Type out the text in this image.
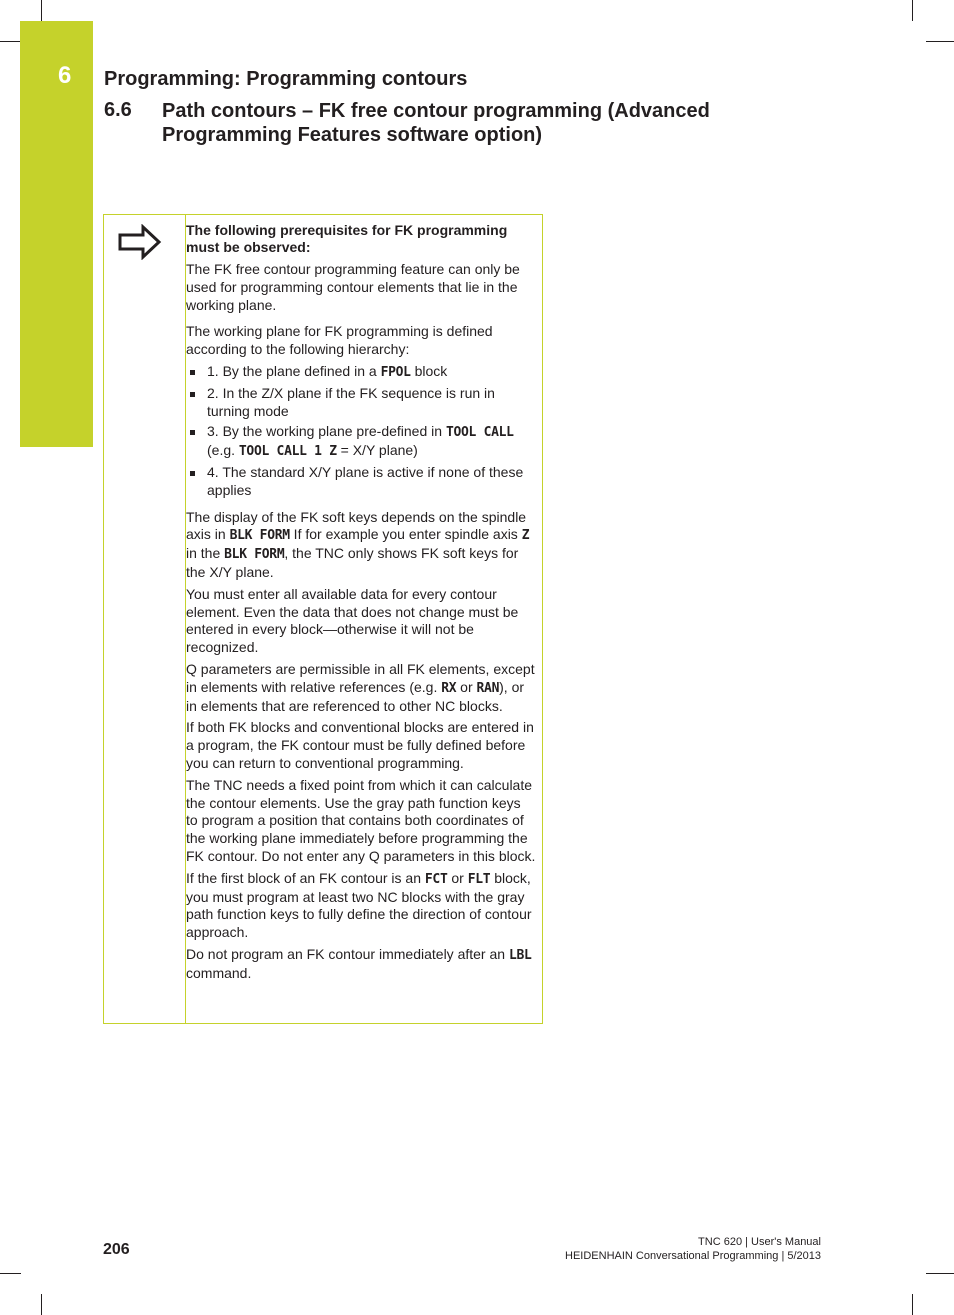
6 Programming: Programming contours
6.6 Path contours – FK free contour programming (Advanced Programming Features software option)

The following prerequisites for FK programming must be observed:

The FK free contour programming feature can only be used for programming contour elements that lie in the working plane.

The working plane for FK programming is defined according to the following hierarchy:

1. By the plane defined in a FPOL block
2. In the Z/X plane if the FK sequence is run in turning mode
3. By the working plane pre-defined in TOOL CALL (e.g. TOOL CALL 1 Z = X/Y plane)
4. The standard X/Y plane is active if none of these applies

The display of the FK soft keys depends on the spindle axis in BLK FORM If for example you enter spindle axis Z in the BLK FORM, the TNC only shows FK soft keys for the X/Y plane.

You must enter all available data for every contour element. Even the data that does not change must be entered in every block—otherwise it will not be recognized.

Q parameters are permissible in all FK elements, except in elements with relative references (e.g. RX or RAN), or in elements that are referenced to other NC blocks.

If both FK blocks and conventional blocks are entered in a program, the FK contour must be fully defined before you can return to conventional programming.

The TNC needs a fixed point from which it can calculate the contour elements. Use the gray path function keys to program a position that contains both coordinates of the working plane immediately before programming the FK contour. Do not enter any Q parameters in this block.

If the first block of an FK contour is an FCT or FLT block, you must program at least two NC blocks with the gray path function keys to fully define the direction of contour approach.

Do not program an FK contour immediately after an LBL command.

206	TNC 620 | User's Manual
HEIDENHAIN Conversational Programming | 5/2013
